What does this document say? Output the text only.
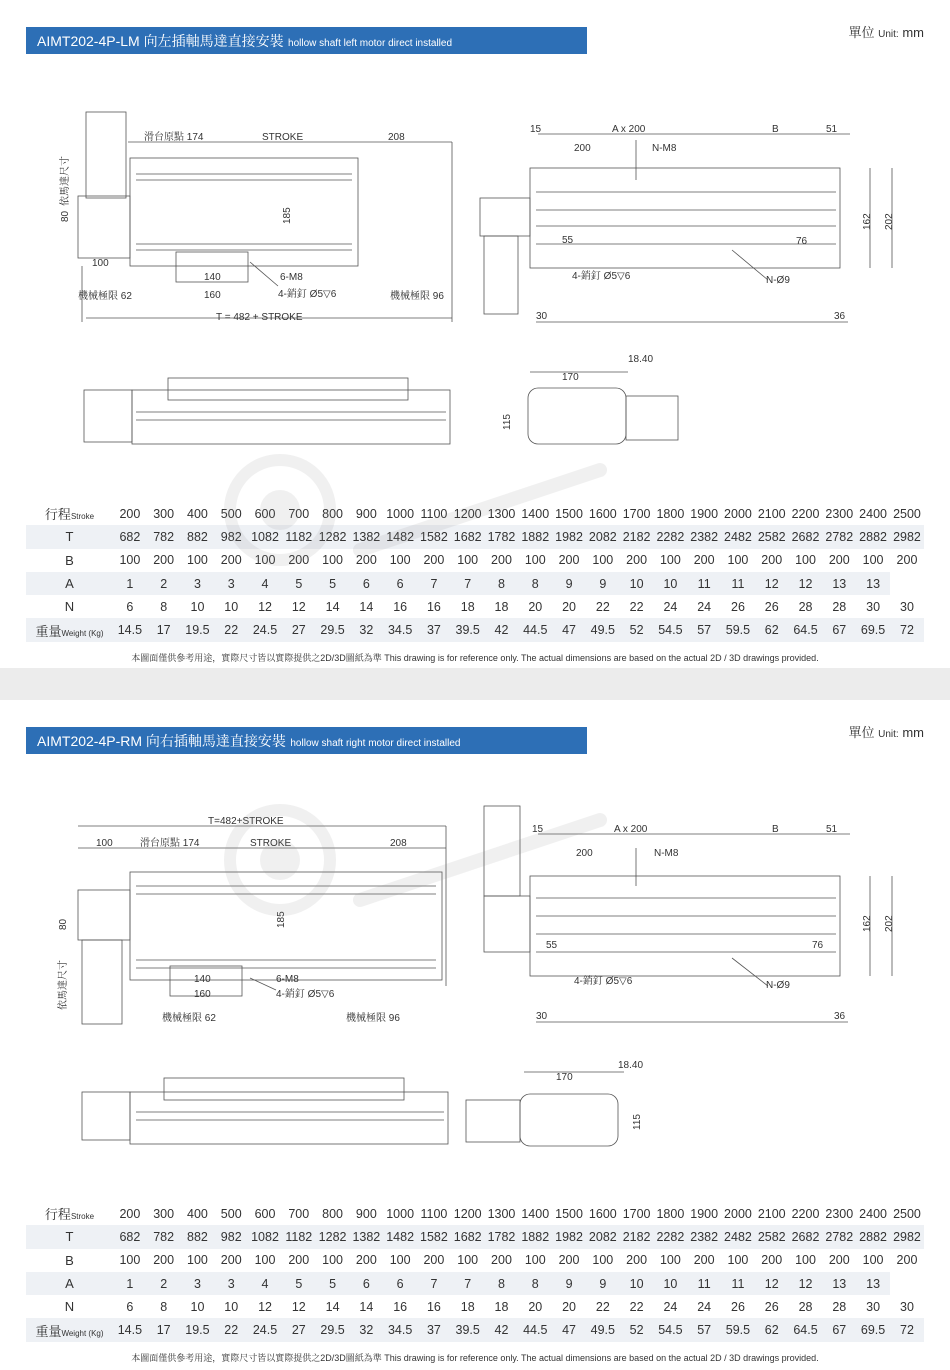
AIMT202-4P-LM 向左插軸馬達直接安裝 hollow shaft left motor direct installed
單位 Unit: mm
滑台原點 174	STROKE	208
100
140
160
6-M8
4-銷釘 Ø5▽6
機械極限 62	機械極限 96
T = 482 + STROKE
185
80
依馬達尺寸
15	A x 200	B	51
200	N-M8
55	76
162 202
4-銷釘 Ø5▽6	N-Ø9
30	36
170
18.40
115
行程Stroke	200	300	400	500	600	700	800	900	1000	1100	1200	1300	1400	1500	1600	1700	1800	1900	2000	2100	2200	2300	2400	2500
T	682	782	882	982	1082	1182	1282	1382	1482	1582	1682	1782	1882	1982	2082	2182	2282	2382	2482	2582	2682	2782	2882	2982
B	100	200	100	200	100	200	100	200	100	200	100	200	100	200	100	200	100	200	100	200	100	200	100	200
A	1	2	3	3	4	5	5	6	6	7	7	8	8	9	9	10	10	11	11	12	12	13	13	
N	6	8	10	10	12	12	14	14	16	16	18	18	20	20	22	22	24	24	26	26	28	28	30	30
重量Weight (Kg)	14.5	17	19.5	22	24.5	27	29.5	32	34.5	37	39.5	42	44.5	47	49.5	52	54.5	57	59.5	62	64.5	67	69.5	72
本圖面僅供參考用途，實際尺寸皆以實際提供之2D/3D圖紙為準 This drawing is for reference only. The actual dimensions are based on the actual 2D / 3D drawings provided.
AIMT202-4P-RM 向右插軸馬達直接安裝 hollow shaft right motor direct installed
單位 Unit: mm
T=482+STROKE
100	滑台原點 174	STROKE	208
80
依馬達尺寸
185
140
160
6-M8
4-銷釘 Ø5▽6
機械極限 62	機械極限 96
15	A x 200	B	51
200	N-M8
55	76
162 202
4-銷釘 Ø5▽6	N-Ø9
30	36
170
18.40
115
行程Stroke	200	300	400	500	600	700	800	900	1000	1100	1200	1300	1400	1500	1600	1700	1800	1900	2000	2100	2200	2300	2400	2500
T	682	782	882	982	1082	1182	1282	1382	1482	1582	1682	1782	1882	1982	2082	2182	2282	2382	2482	2582	2682	2782	2882	2982
B	100	200	100	200	100	200	100	200	100	200	100	200	100	200	100	200	100	200	100	200	100	200	100	200
A	1	2	3	3	4	5	5	6	6	7	7	8	8	9	9	10	10	11	11	12	12	13	13	
N	6	8	10	10	12	12	14	14	16	16	18	18	20	20	22	22	24	24	26	26	28	28	30	30
重量Weight (Kg)	14.5	17	19.5	22	24.5	27	29.5	32	34.5	37	39.5	42	44.5	47	49.5	52	54.5	57	59.5	62	64.5	67	69.5	72
本圖面僅供參考用途，實際尺寸皆以實際提供之2D/3D圖紙為準 This drawing is for reference only. The actual dimensions are based on the actual 2D / 3D drawings provided.
